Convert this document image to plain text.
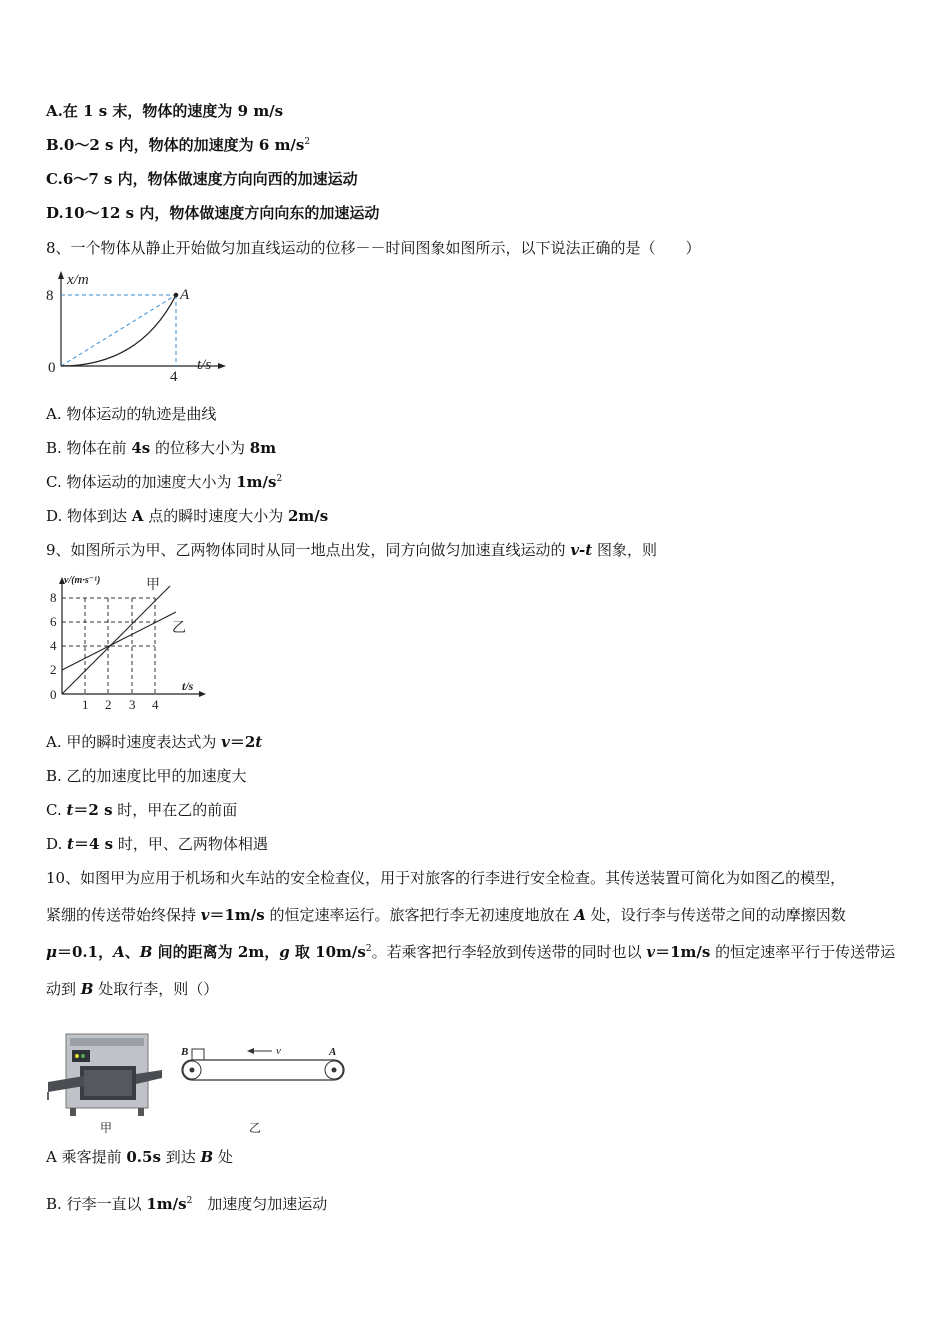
A.在 1 s 末，物体的速度为 9 m/s
B.0～2 s 内，物体的加速度为 6 $m/s^2$
C.6～7 s 内，物体做速度方向向西的加速运动
D.10～12 s 内，物体做速度方向向东的加速运动
8、一个物体从静止开始做匀加直线运动的位移－－时间图象如图所示，以下说法正确的是（　　）
x/m
t/s
8
4
0
A
A. 物体运动的轨迹是曲线
B. 物体在前 4s 的位移大小为 8m
C. 物体运动的加速度大小为 $1m/s^2$
D. 物体到达 A 点的瞬时速度大小为 2m/s
9、如图所示为甲、乙两物体同时从同一地点出发，同方向做匀加速直线运动的 v-t 图象，则
v/(m·s⁻¹)
t/s
8
6
4
2
0
1 2 3 4
甲
乙
A. 甲的瞬时速度表达式为 v＝2t
B. 乙的加速度比甲的加速度大
C. t＝2 s 时，甲在乙的前面
D. t＝4 s 时，甲、乙两物体相遇
10、如图甲为应用于机场和火车站的安全检查仪，用于对旅客的行李进行安全检查。其传送装置可简化为如图乙的模型，
紧绷的传送带始终保持 v＝1m/s 的恒定速率运行。旅客把行李无初速度地放在 A 处，设行李与传送带之间的动摩擦因数
μ＝0.1，A、B 间的距离为 2m，g 取 $10m/s^2$。若乘客把行李轻放到传送带的同时也以 v＝1m/s 的恒定速率平行于传送带运
动到 B 处取行李，则（）
甲
B	A
v
乙
A 乘客提前 0.5s 到达 B 处
B. 行李一直以 $1m/s^2$　加速度匀加速运动
